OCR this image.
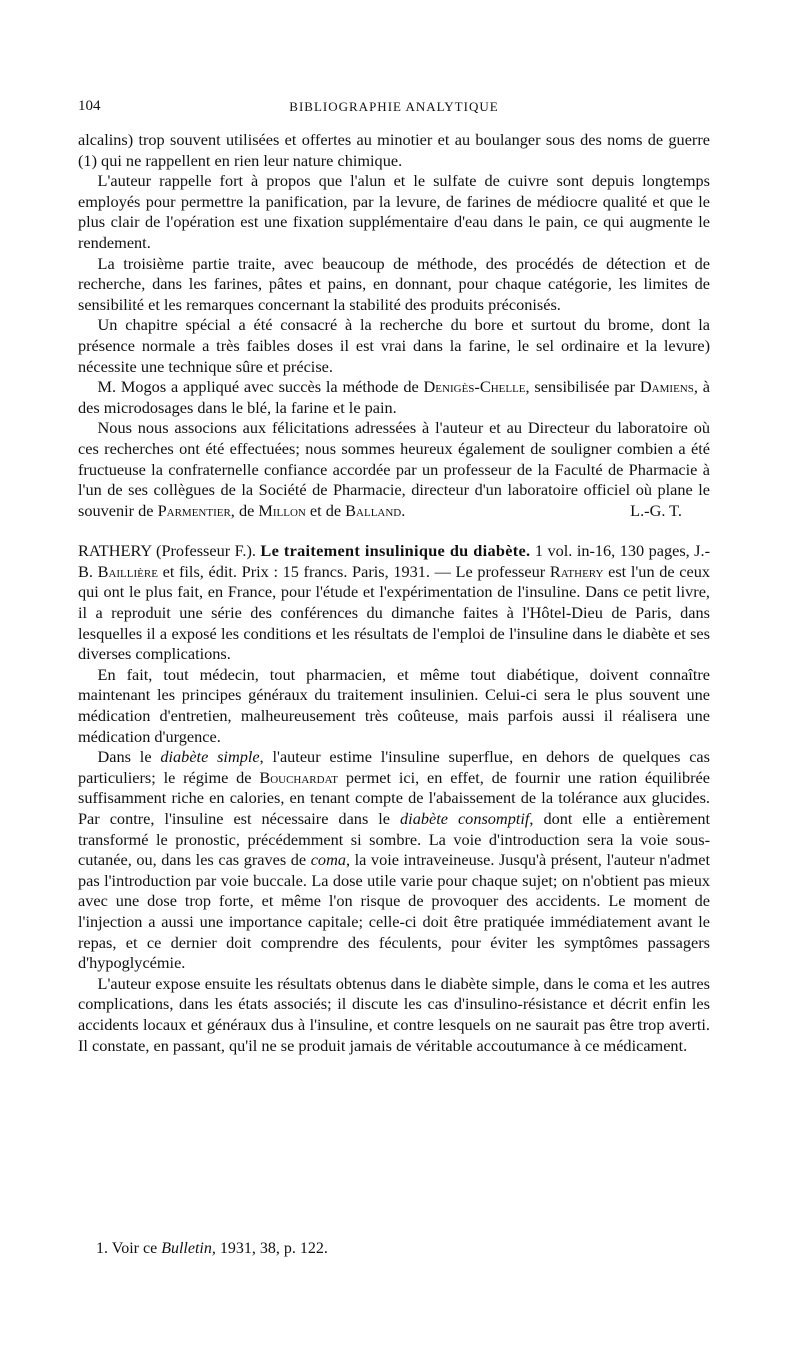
104	BIBLIOGRAPHIE ANALYTIQUE

alcalins) trop souvent utilisées et offertes au minotier et au boulanger sous des noms de guerre (1) qui ne rappellent en rien leur nature chimique.

L'auteur rappelle fort à propos que l'alun et le sulfate de cuivre sont depuis longtemps employés pour permettre la panification, par la levure, de farines de médiocre qualité et que le plus clair de l'opération est une fixation supplémentaire d'eau dans le pain, ce qui augmente le rendement.

La troisième partie traite, avec beaucoup de méthode, des procédés de détection et de recherche, dans les farines, pâtes et pains, en donnant, pour chaque catégorie, les limites de sensibilité et les remarques concernant la stabilité des produits préconisés.

Un chapitre spécial a été consacré à la recherche du bore et surtout du brome, dont la présence normale a très faibles doses il est vrai dans la farine, le sel ordinaire et la levure) nécessite une technique sûre et précise.

M. Mogos a appliqué avec succès la méthode de Denigès-Chelle, sensibilisée par Damiens, à des microdosages dans le blé, la farine et le pain.

Nous nous associons aux félicitations adressées à l'auteur et au Directeur du laboratoire où ces recherches ont été effectuées; nous sommes heureux également de souligner combien a été fructueuse la confraternelle confiance accordée par un professeur de la Faculté de Pharmacie à l'un de ses collègues de la Société de Pharmacie, directeur d'un laboratoire officiel où plane le souvenir de Parmentier, de Millon et de Balland.	L.-G. T.

RATHERY (Professeur F.). Le traitement insulinique du diabète. 1 vol. in-16, 130 pages, J.-B. Baillière et fils, édit. Prix : 15 francs. Paris, 1931. — Le professeur Rathery est l'un de ceux qui ont le plus fait, en France, pour l'étude et l'expérimentation de l'insuline. Dans ce petit livre, il a reproduit une série des conférences du dimanche faites à l'Hôtel-Dieu de Paris, dans lesquelles il a exposé les conditions et les résultats de l'emploi de l'insuline dans le diabète et ses diverses complications.

En fait, tout médecin, tout pharmacien, et même tout diabétique, doivent connaître maintenant les principes généraux du traitement insulinien. Celui-ci sera le plus souvent une médication d'entretien, malheureusement très coûteuse, mais parfois aussi il réalisera une médication d'urgence.

Dans le diabète simple, l'auteur estime l'insuline superflue, en dehors de quelques cas particuliers; le régime de Bouchardat permet ici, en effet, de fournir une ration équilibrée suffisamment riche en calories, en tenant compte de l'abaissement de la tolérance aux glucides. Par contre, l'insuline est nécessaire dans le diabète consomptif, dont elle a entièrement transformé le pronostic, précédemment si sombre. La voie d'introduction sera la voie sous-cutanée, ou, dans les cas graves de coma, la voie intraveineuse. Jusqu'à présent, l'auteur n'admet pas l'introduction par voie buccale. La dose utile varie pour chaque sujet; on n'obtient pas mieux avec une dose trop forte, et même l'on risque de provoquer des accidents. Le moment de l'injection a aussi une importance capitale; celle-ci doit être pratiquée immédiatement avant le repas, et ce dernier doit comprendre des féculents, pour éviter les symptômes passagers d'hypoglycémie.

L'auteur expose ensuite les résultats obtenus dans le diabète simple, dans le coma et les autres complications, dans les états associés; il discute les cas d'insulino-résistance et décrit enfin les accidents locaux et généraux dus à l'insuline, et contre lesquels on ne saurait pas être trop averti. Il constate, en passant, qu'il ne se produit jamais de véritable accoutumance à ce médicament.

1. Voir ce Bulletin, 1931, 38, p. 122.
